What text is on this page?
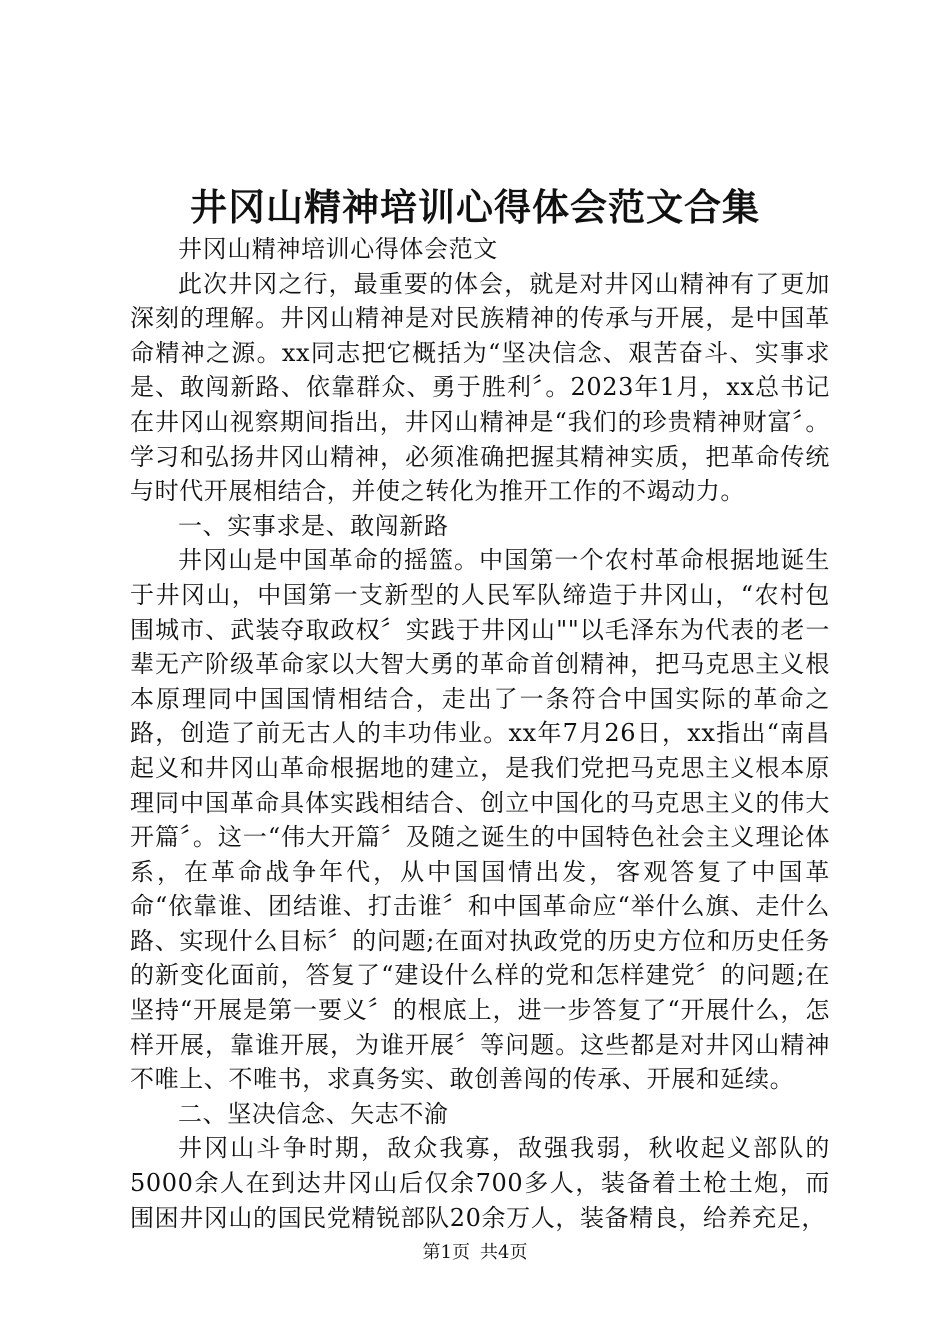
井冈山精神培训心得体会范文合集

井冈山精神培训心得体会范文

此次井冈之行，最重要的体会，就是对井冈山精神有了更加深刻的理解。井冈山精神是对民族精神的传承与开展，是中国革命精神之源。xx同志把它概括为“坚决信念、艰苦奋斗、实事求是、敢闯新路、依靠群众、勇于胜利〞。2023年1月，xx总书记在井冈山视察期间指出，井冈山精神是“我们的珍贵精神财富〞。学习和弘扬井冈山精神，必须准确把握其精神实质，把革命传统与时代开展相结合，并使之转化为推开工作的不竭动力。

一、实事求是、敢闯新路

井冈山是中国革命的摇篮。中国第一个农村革命根据地诞生于井冈山，中国第一支新型的人民军队缔造于井冈山，“农村包围城市、武装夺取政权〞实践于井冈山""以毛泽东为代表的老一辈无产阶级革命家以大智大勇的革命首创精神，把马克思主义根本原理同中国国情相结合，走出了一条符合中国实际的革命之路，创造了前无古人的丰功伟业。xx年7月26日，xx指出“南昌起义和井冈山革命根据地的建立，是我们党把马克思主义根本原理同中国革命具体实践相结合、创立中国化的马克思主义的伟大开篇〞。这一“伟大开篇〞及随之诞生的中国特色社会主义理论体系，在革命战争年代，从中国国情出发，客观答复了中国革命“依靠谁、团结谁、打击谁〞和中国革命应“举什么旗、走什么路、实现什么目标〞的问题;在面对执政党的历史方位和历史任务的新变化面前，答复了“建设什么样的党和怎样建党〞的问题;在坚持“开展是第一要义〞的根底上，进一步答复了“开展什么，怎样开展，靠谁开展，为谁开展〞等问题。这些都是对井冈山精神不唯上、不唯书，求真务实、敢创善闯的传承、开展和延续。

二、坚决信念、矢志不渝

井冈山斗争时期，敌众我寡，敌强我弱，秋收起义部队的5000余人在到达井冈山后仅余700多人，装备着土枪土炮，而围困井冈山的国民党精锐部队20余万人，装备精良，给养充足，

第1页 共4页
